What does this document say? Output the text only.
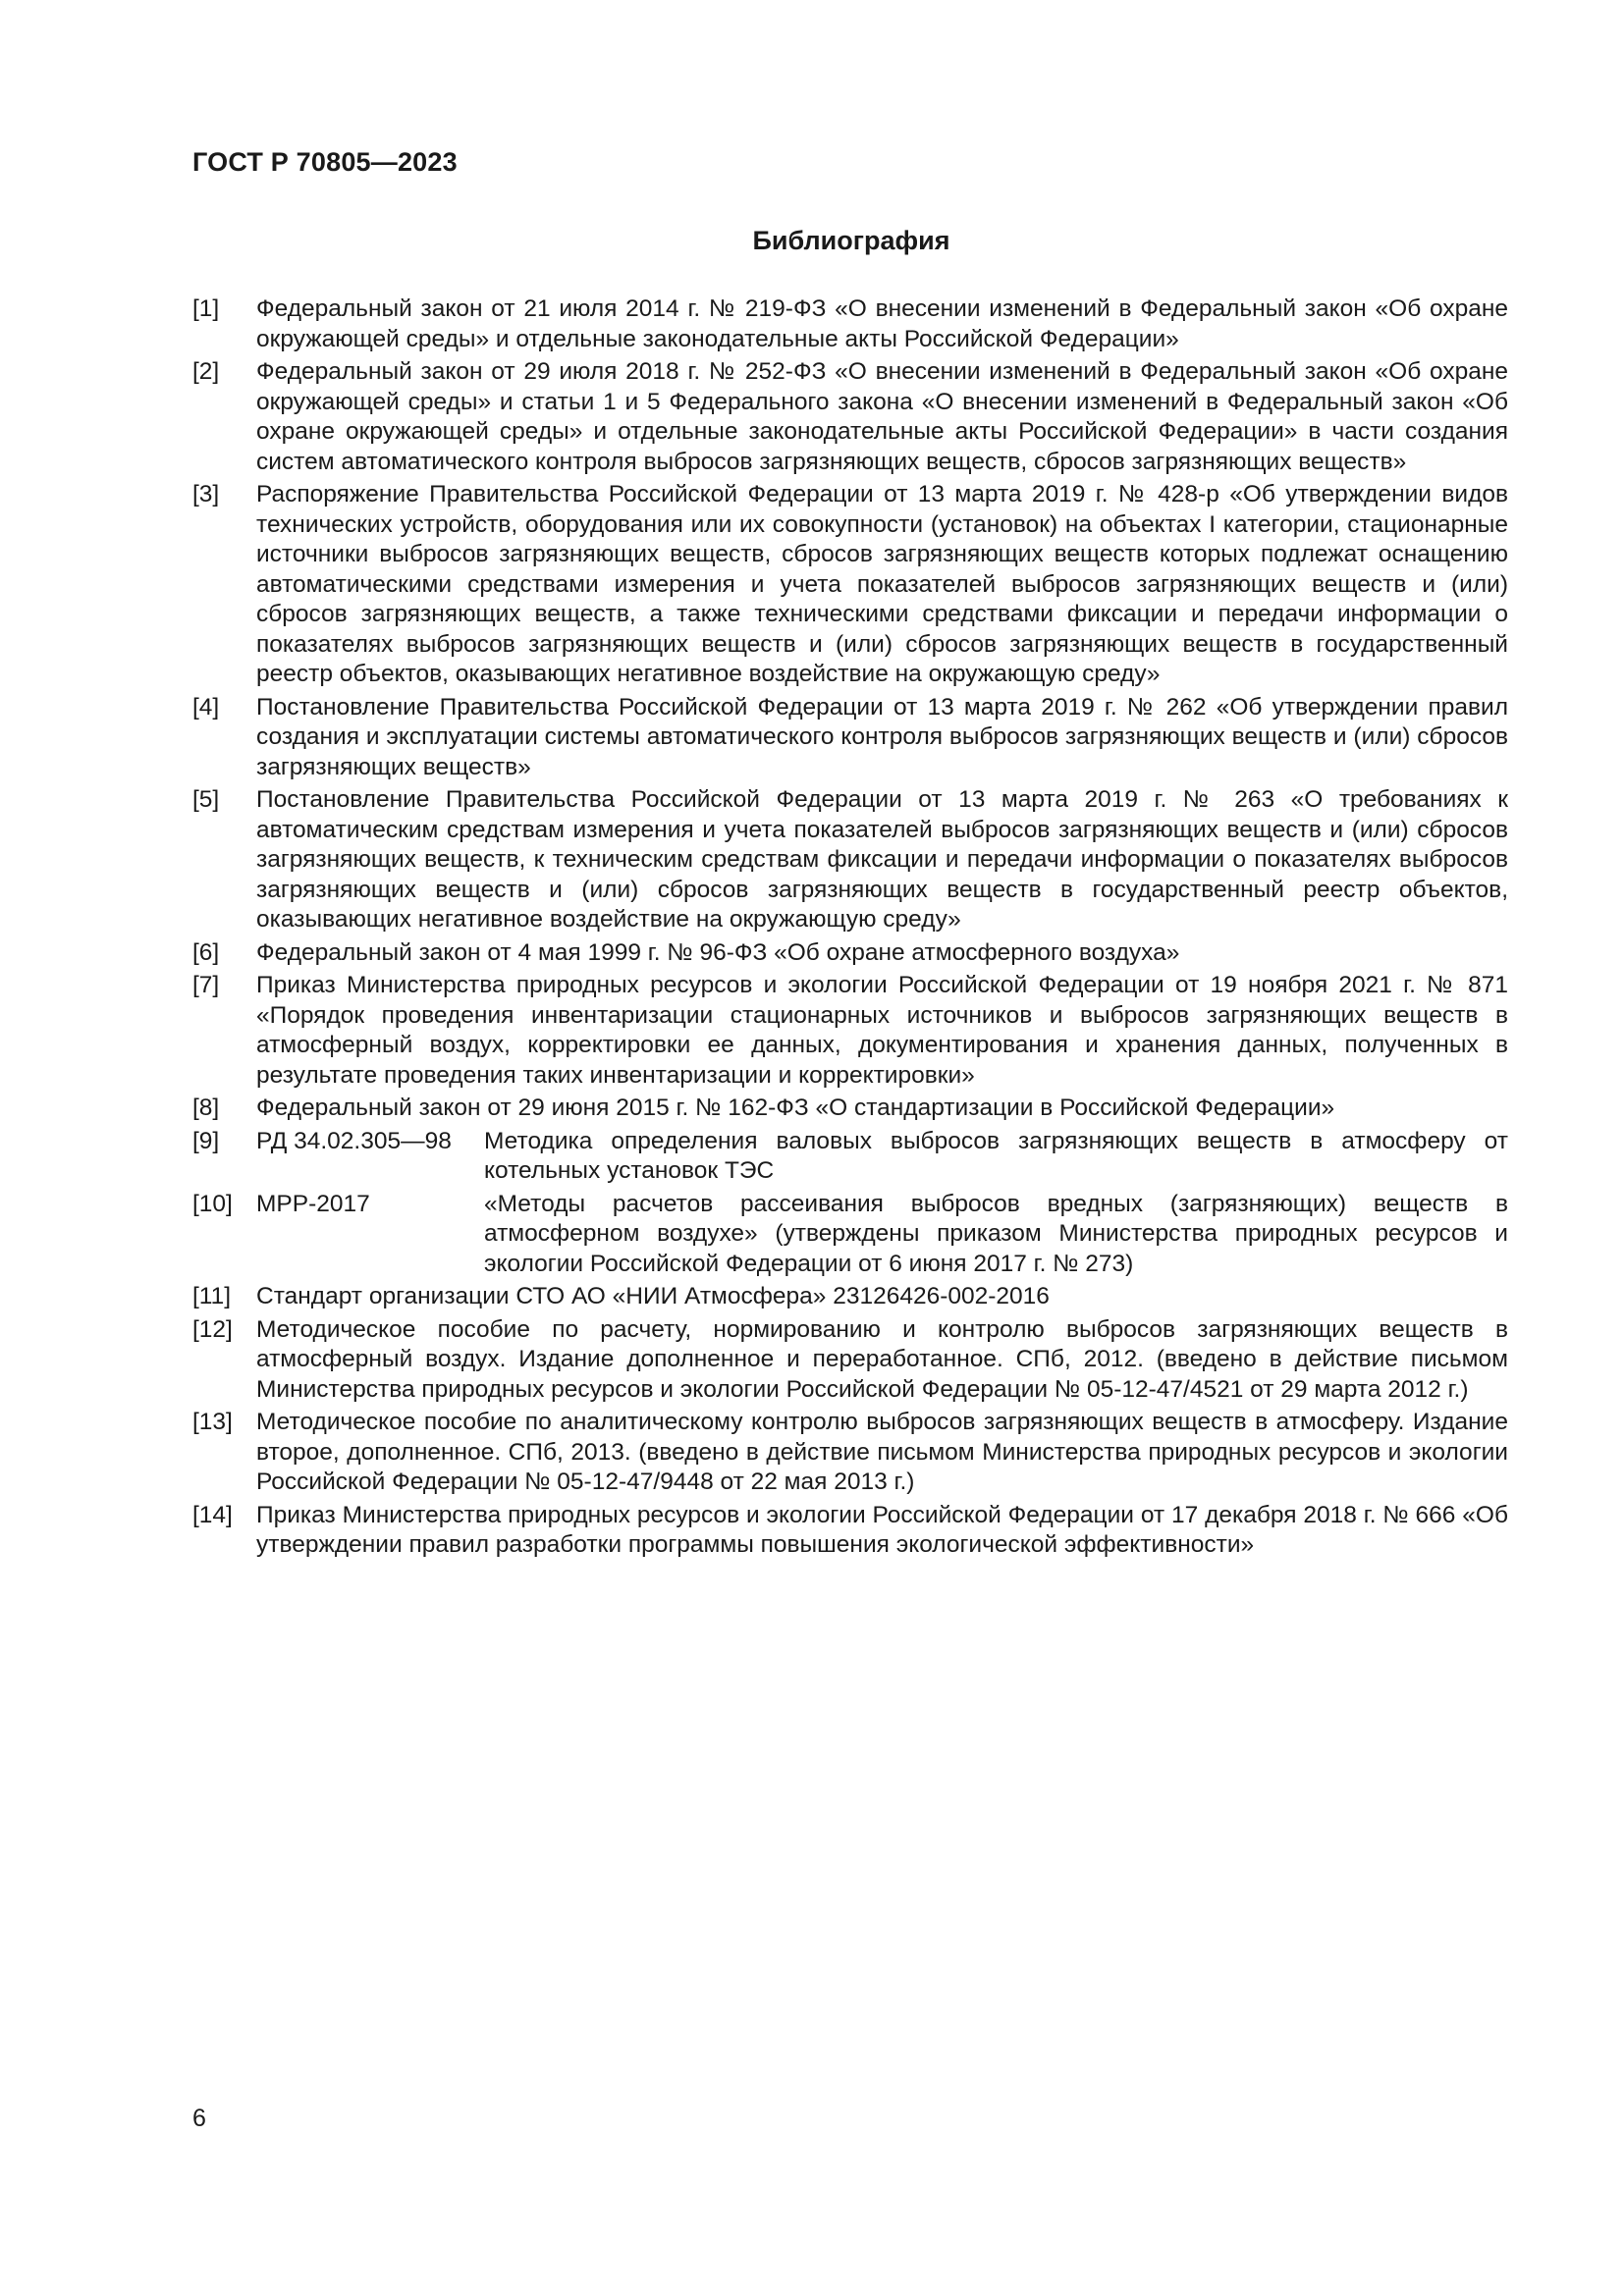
ГОСТ Р 70805—2023
Библиография
[1]	Федеральный закон от 21 июля 2014 г. № 219-ФЗ «О внесении изменений в Федеральный закон «Об охране окружающей среды» и отдельные законодательные акты Российской Федерации»
[2]	Федеральный закон от 29 июля 2018 г. № 252-ФЗ «О внесении изменений в Федеральный закон «Об охране окружающей среды» и статьи 1 и 5 Федерального закона «О внесении изменений в Федеральный закон «Об охране окружающей среды» и отдельные законодательные акты Российской Федерации» в части создания систем автоматического контроля выбросов загрязняющих веществ, сбросов загрязняющих веществ»
[3]	Распоряжение Правительства Российской Федерации от 13 марта 2019 г. № 428-р «Об утверждении видов технических устройств, оборудования или их совокупности (установок) на объектах I категории, стационарные источники выбросов загрязняющих веществ, сбросов загрязняющих веществ которых подлежат оснащению автоматическими средствами измерения и учета показателей выбросов загрязняющих веществ и (или) сбросов загрязняющих веществ, а также техническими средствами фиксации и передачи информации о показателях выбросов загрязняющих веществ и (или) сбросов загрязняющих веществ в государственный реестр объектов, оказывающих негативное воздействие на окружающую среду»
[4]	Постановление Правительства Российской Федерации от 13 марта 2019 г. № 262 «Об утверждении правил создания и эксплуатации системы автоматического контроля выбросов загрязняющих веществ и (или) сбросов загрязняющих веществ»
[5]	Постановление Правительства Российской Федерации от 13 марта 2019 г. № 263 «О требованиях к автоматическим средствам измерения и учета показателей выбросов загрязняющих веществ и (или) сбросов загрязняющих веществ, к техническим средствам фиксации и передачи информации о показателях выбросов загрязняющих веществ и (или) сбросов загрязняющих веществ в государственный реестр объектов, оказывающих негативное воздействие на окружающую среду»
[6]	Федеральный закон от 4 мая 1999 г. № 96-ФЗ «Об охране атмосферного воздуха»
[7]	Приказ Министерства природных ресурсов и экологии Российской Федерации от 19 ноября 2021 г. № 871 «Порядок проведения инвентаризации стационарных источников и выбросов загрязняющих веществ в атмосферный воздух, корректировки ее данных, документирования и хранения данных, полученных в результате проведения таких инвентаризации и корректировки»
[8]	Федеральный закон от 29 июня 2015 г. № 162-ФЗ «О стандартизации в Российской Федерации»
[9]	РД 34.02.305—98	Методика определения валовых выбросов загрязняющих веществ в атмосферу от котельных установок ТЭС
[10] МРР-2017	«Методы расчетов рассеивания выбросов вредных (загрязняющих) веществ в атмосферном воздухе» (утверждены приказом Министерства природных ресурсов и экологии Российской Федерации от 6 июня 2017 г. № 273)
[11]	Стандарт организации СТО АО «НИИ Атмосфера» 23126426-002-2016
[12] Методическое пособие по расчету, нормированию и контролю выбросов загрязняющих веществ в атмосферный воздух. Издание дополненное и переработанное. СПб, 2012. (введено в действие письмом Министерства природных ресурсов и экологии Российской Федерации № 05-12-47/4521 от 29 марта 2012 г.)
[13] Методическое пособие по аналитическому контролю выбросов загрязняющих веществ в атмосферу. Издание второе, дополненное. СПб, 2013. (введено в действие письмом Министерства природных ресурсов и экологии Российской Федерации № 05-12-47/9448 от 22 мая 2013 г.)
[14] Приказ Министерства природных ресурсов и экологии Российской Федерации от 17 декабря 2018 г. № 666 «Об утверждении правил разработки программы повышения экологической эффективности»
6
